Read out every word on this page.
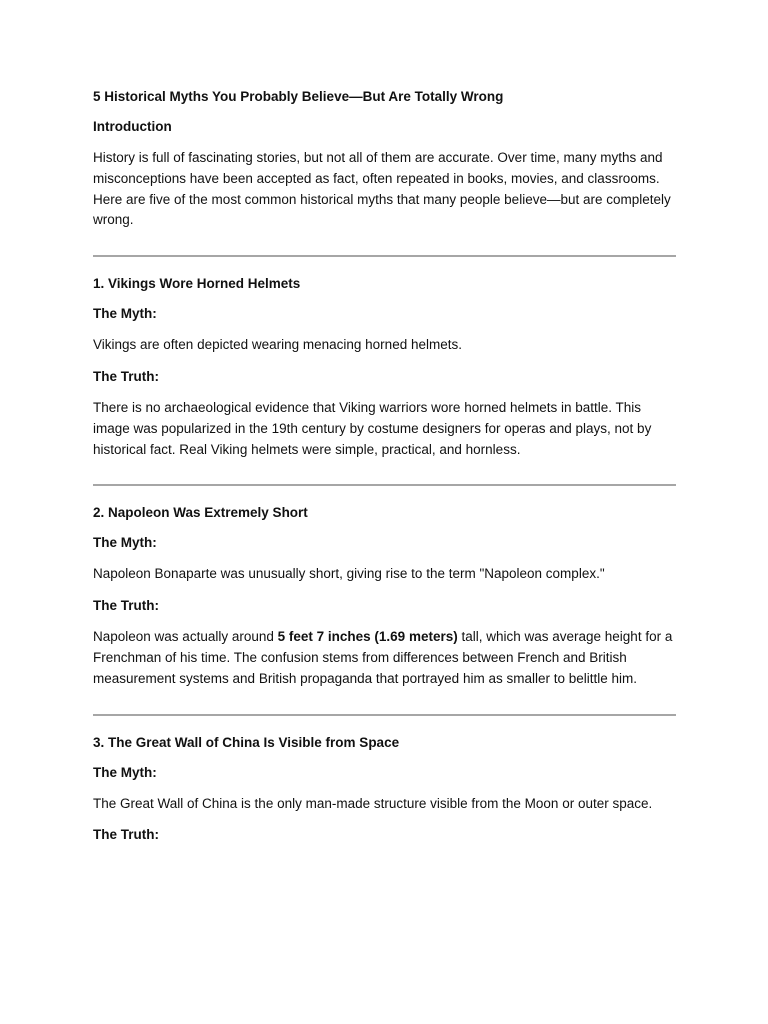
5 Historical Myths You Probably Believe—But Are Totally Wrong
Introduction
History is full of fascinating stories, but not all of them are accurate. Over time, many myths and misconceptions have been accepted as fact, often repeated in books, movies, and classrooms. Here are five of the most common historical myths that many people believe—but are completely wrong.
1. Vikings Wore Horned Helmets
The Myth:
Vikings are often depicted wearing menacing horned helmets.
The Truth:
There is no archaeological evidence that Viking warriors wore horned helmets in battle. This image was popularized in the 19th century by costume designers for operas and plays, not by historical fact. Real Viking helmets were simple, practical, and hornless.
2. Napoleon Was Extremely Short
The Myth:
Napoleon Bonaparte was unusually short, giving rise to the term "Napoleon complex."
The Truth:
Napoleon was actually around 5 feet 7 inches (1.69 meters) tall, which was average height for a Frenchman of his time. The confusion stems from differences between French and British measurement systems and British propaganda that portrayed him as smaller to belittle him.
3. The Great Wall of China Is Visible from Space
The Myth:
The Great Wall of China is the only man-made structure visible from the Moon or outer space.
The Truth:
